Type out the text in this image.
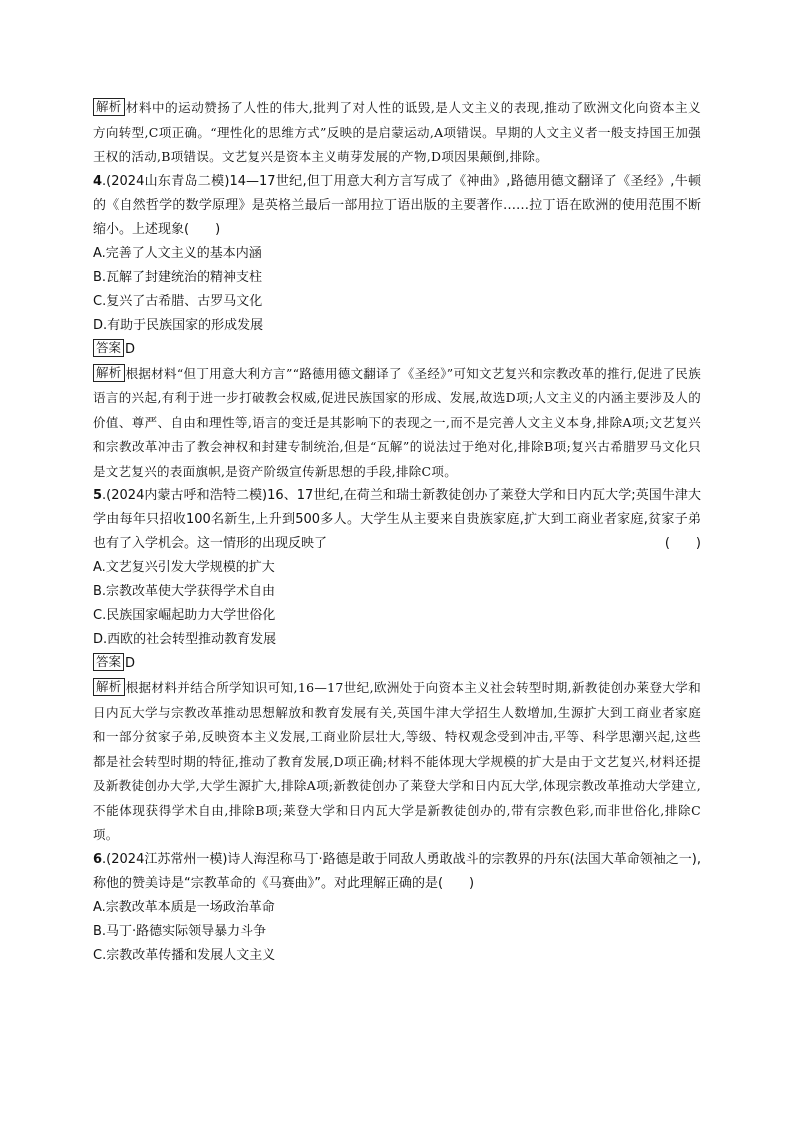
解析 材料中的运动赞扬了人性的伟大,批判了对人性的诋毁,是人文主义的表现,推动了欧洲文化向资本主义方向转型,C项正确。“理性化的思维方式”反映的是启蒙运动,A项错误。早期的人文主义者一般支持国王加强王权的活动,B项错误。文艺复兴是资本主义萌芽发展的产物,D项因果颠倒,排除。

4.(2024山东青岛二模)14—17世纪,但丁用意大利方言写成了《神曲》,路德用德文翻译了《圣经》,牛顿的《自然哲学的数学原理》是英格兰最后一部用拉丁语出版的主要著作……拉丁语在欧洲的使用范围不断缩小。上述现象(　　)

A.完善了人文主义的基本内涵

B.瓦解了封建统治的精神支柱

C.复兴了古希腊、古罗马文化

D.有助于民族国家的形成发展

答案 D

解析 根据材料“但丁用意大利方言”“路德用德文翻译了《圣经》”可知文艺复兴和宗教改革的推行,促进了民族语言的兴起,有利于进一步打破教会权威,促进民族国家的形成、发展,故选D项;人文主义的内涵主要涉及人的价值、尊严、自由和理性等,语言的变迁是其影响下的表现之一,而不是完善人文主义本身,排除A项;文艺复兴和宗教改革冲击了教会神权和封建专制统治,但是“瓦解”的说法过于绝对化,排除B项;复兴古希腊罗马文化只是文艺复兴的表面旗帜,是资产阶级宣传新思想的手段,排除C项。

5.(2024内蒙古呼和浩特二模)16、17世纪,在荷兰和瑞士新教徒创办了莱登大学和日内瓦大学;英国牛津大学由每年只招收100名新生,上升到500多人。大学生从主要来自贵族家庭,扩大到工商业者家庭,贫家子弟也有了入学机会。这一情形的出现反映了	(　　)

A.文艺复兴引发大学规模的扩大

B.宗教改革使大学获得学术自由

C.民族国家崛起助力大学世俗化

D.西欧的社会转型推动教育发展

答案 D

解析 根据材料并结合所学知识可知,16—17世纪,欧洲处于向资本主义社会转型时期,新教徒创办莱登大学和日内瓦大学与宗教改革推动思想解放和教育发展有关,英国牛津大学招生人数增加,生源扩大到工商业者家庭和一部分贫家子弟,反映资本主义发展,工商业阶层壮大,等级、特权观念受到冲击,平等、科学思潮兴起,这些都是社会转型时期的特征,推动了教育发展,D项正确;材料不能体现大学规模的扩大是由于文艺复兴,材料还提及新教徒创办大学,大学生源扩大,排除A项;新教徒创办了莱登大学和日内瓦大学,体现宗教改革推动大学建立,不能体现获得学术自由,排除B项;莱登大学和日内瓦大学是新教徒创办的,带有宗教色彩,而非世俗化,排除C项。

6.(2024江苏常州一模)诗人海涅称马丁·路德是敢于同敌人勇敢战斗的宗教界的丹东(法国大革命领袖之一),称他的赞美诗是“宗教革命的《马赛曲》”。对此理解正确的是(　　)

A.宗教改革本质是一场政治革命

B.马丁·路德实际领导暴力斗争

C.宗教改革传播和发展人文主义
